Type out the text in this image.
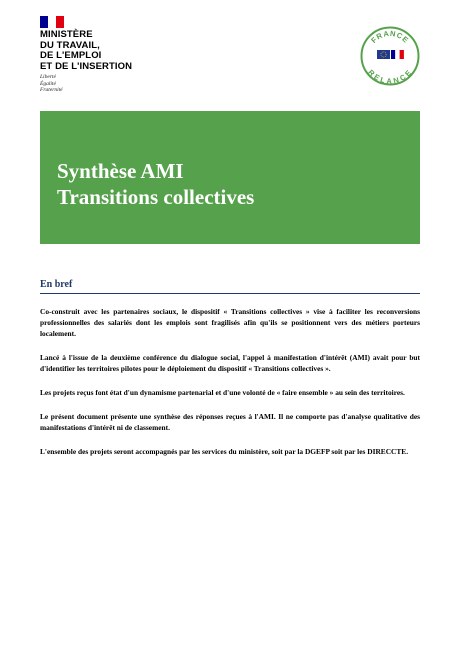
MINISTÈRE
DU TRAVAIL,
DE L'EMPLOI
ET DE L'INSERTION
Liberté
Égalité
Fraternité
FRANCE
RELANCE
Synthèse AMI
Transitions collectives
En bref

Co-construit avec les partenaires sociaux, le dispositif « Transitions collectives » vise à faciliter les reconversions professionnelles des salariés dont les emplois sont fragilisés afin qu'ils se positionnent vers des métiers porteurs localement.

Lancé à l'issue de la deuxième conférence du dialogue social, l'appel à manifestation d'intérêt (AMI) avait pour but d'identifier les territoires pilotes pour le déploiement du dispositif « Transitions collectives ».

Les projets reçus font état d'un dynamisme partenarial et d'une volonté de « faire ensemble » au sein des territoires.

Le présent document présente une synthèse des réponses reçues à l'AMI. Il ne comporte pas d'analyse qualitative des manifestations d'intérêt ni de classement.

L'ensemble des projets seront accompagnés par les services du ministère, soit par la DGEFP soit par les DIRECCTE.
